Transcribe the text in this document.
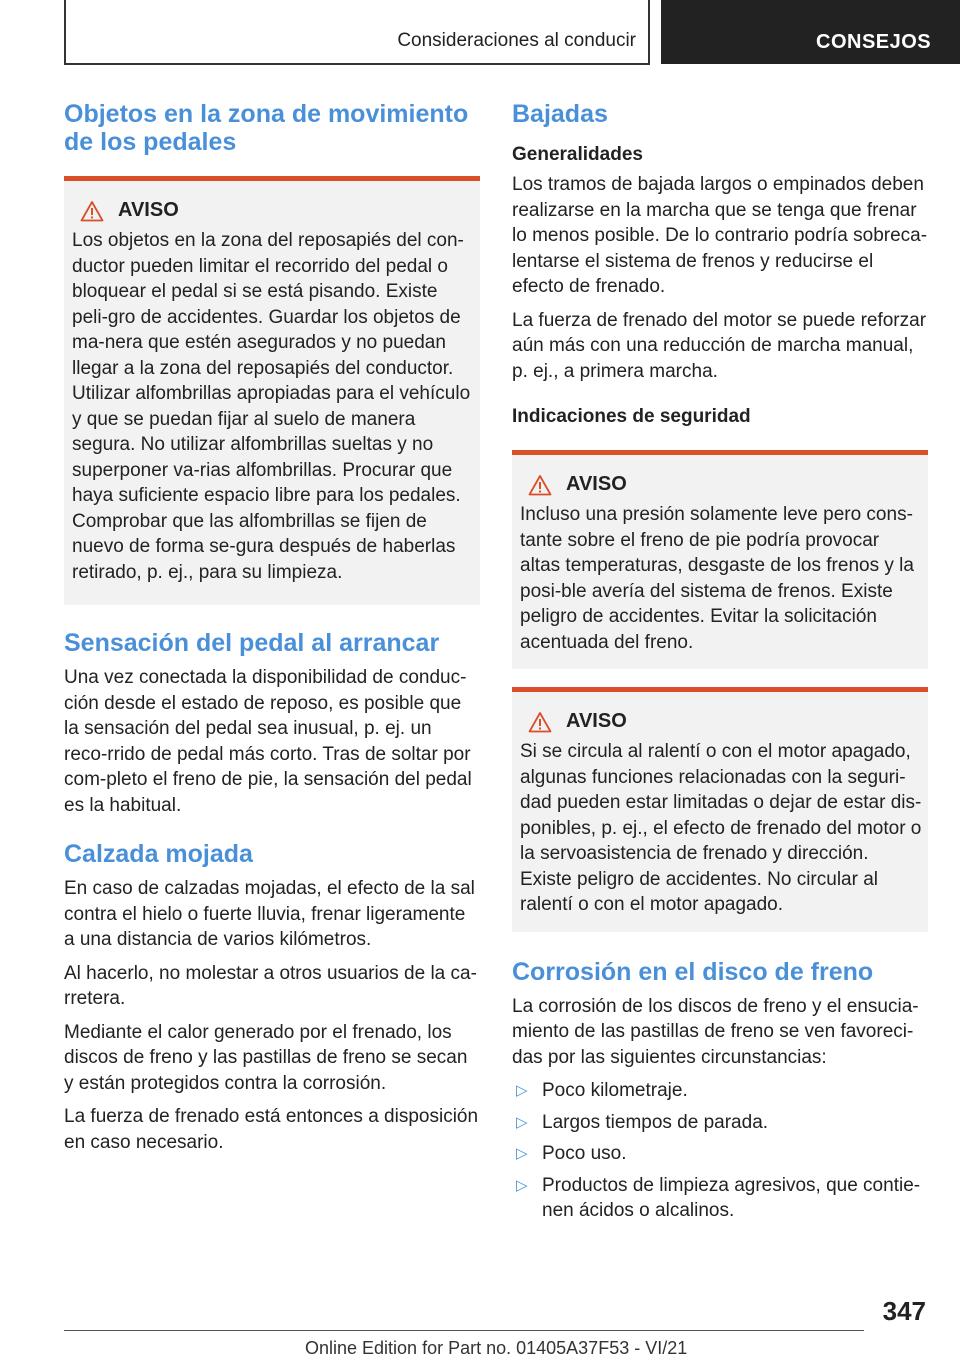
Consideraciones al conducir	CONSEJOS
Objetos en la zona de movimiento de los pedales
AVISO

Los objetos en la zona del reposapiés del con-ductor pueden limitar el recorrido del pedal o bloquear el pedal si se está pisando. Existe peli-gro de accidentes. Guardar los objetos de ma-nera que estén asegurados y no puedan llegar a la zona del reposapiés del conductor. Utilizar alfombrillas apropiadas para el vehículo y que se puedan fijar al suelo de manera segura. No utilizar alfombrillas sueltas y no superponer va-rias alfombrillas. Procurar que haya suficiente espacio libre para los pedales. Comprobar que las alfombrillas se fijen de nuevo de forma se-gura después de haberlas retirado, p. ej., para su limpieza.

Sensación del pedal al arrancar

Una vez conectada la disponibilidad de conduc-ción desde el estado de reposo, es posible que la sensación del pedal sea inusual, p. ej. un reco-rrido de pedal más corto. Tras de soltar por com-pleto el freno de pie, la sensación del pedal es la habitual.

Calzada mojada

En caso de calzadas mojadas, el efecto de la sal contra el hielo o fuerte lluvia, frenar ligeramente a una distancia de varios kilómetros.

Al hacerlo, no molestar a otros usuarios de la ca-rretera.

Mediante el calor generado por el frenado, los discos de freno y las pastillas de freno se secan y están protegidos contra la corrosión.

La fuerza de frenado está entonces a disposición en caso necesario.

Bajadas
Generalidades

Los tramos de bajada largos o empinados deben realizarse en la marcha que se tenga que frenar lo menos posible. De lo contrario podría sobreca-lentarse el sistema de frenos y reducirse el efecto de frenado.

La fuerza de frenado del motor se puede reforzar aún más con una reducción de marcha manual, p. ej., a primera marcha.

Indicaciones de seguridad
AVISO

Incluso una presión solamente leve pero cons-tante sobre el freno de pie podría provocar altas temperaturas, desgaste de los frenos y la posi-ble avería del sistema de frenos. Existe peligro de accidentes. Evitar la solicitación acentuada del freno.

AVISO

Si se circula al ralentí o con el motor apagado, algunas funciones relacionadas con la seguri-dad pueden estar limitadas o dejar de estar dis-ponibles, p. ej., el efecto de frenado del motor o la servoasistencia de frenado y dirección. Existe peligro de accidentes. No circular al ralentí o con el motor apagado.

Corrosión en el disco de freno

La corrosión de los discos de freno y el ensucia-miento de las pastillas de freno se ven favoreci-das por las siguientes circunstancias:

▷ Poco kilometraje.
▷ Largos tiempos de parada.
▷ Poco uso.
▷ Productos de limpieza agresivos, que contie-nen ácidos o alcalinos.
347
Online Edition for Part no. 01405A37F53 - VI/21
